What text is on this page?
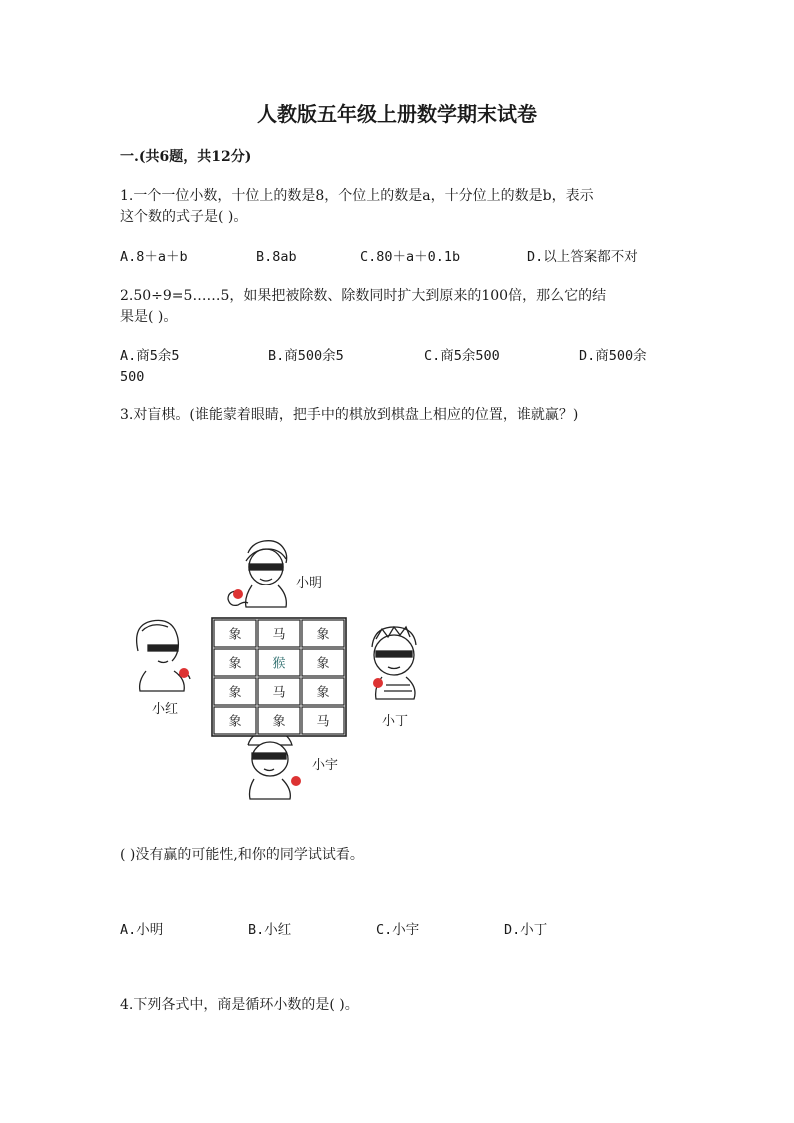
人教版五年级上册数学期末试卷
一.(共6题，共12分)
1.一个一位小数，十位上的数是8，个位上的数是a，十分位上的数是b，表示
这个数的式子是( )。
A.8＋a＋b	B.8ab	C.80＋a＋0.1b	D.以上答案都不对
2.50÷9=5……5，如果把被除数、除数同时扩大到原来的100倍，那么它的结
果是( )。
A.商5余5	B.商500余5	C.商5余500	D.商500余
500
3.对盲棋。(谁能蒙着眼睛，把手中的棋放到棋盘上相应的位置，谁就赢？)
小明
小红
小丁
小宇
象 马 象
象 猴 象
象 马 象
象 象 马
( )没有赢的可能性,和你的同学试试看。
A.小明	B.小红	C.小宇	D.小丁
4.下列各式中，商是循环小数的是( )。
